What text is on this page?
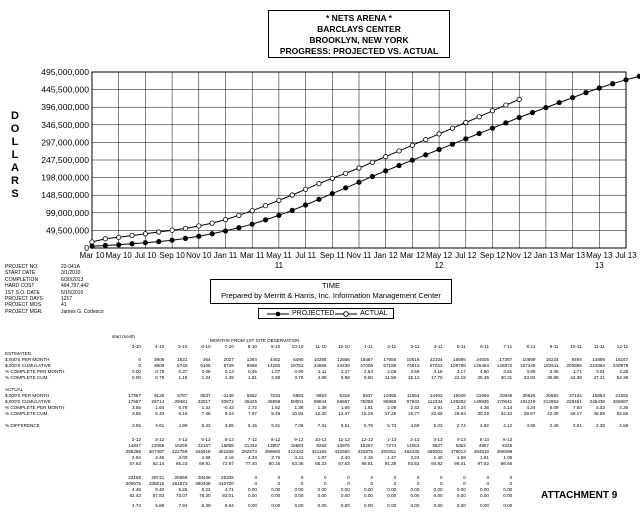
0
49,500,000
99,000,000
148,500,000
198,000,000
247,500,000
297,000,000
346,500,000
396,000,000
445,500,000
495,000,000
Mar 10 May 10 Jul 10 Sep 10 Nov 10 Jan 11 Mar 11 May 11
11
Jul 11 Sep 11 Nov 11 Jan 12 Mar 12 May 12
12
Jul 12 Sep 12 Nov 12 Jan 13 Mar 13 May 13
13
Jul 13
* NETS ARENA *
BARCLAYS CENTER
BROOKLYN, NEW YORK
PROGRESS: PROJECTED VS. ACTUAL
D
O
L
L
A
R
S
PROJECT NO.	23-041A
START DATE	3/1/2010
COMPLETION	6/30/2013
HARD COST	494,797,442
1ST S.O. DATE	5/15/2010
PROJECT DAYS	1217
PROJECT MOS.	41
PROJECT MGR.	James G. Codesco
TIME
Prepared by Merritt & Harris, Inc. Information Management Center
PROJECTED	ACTUAL
start month
MONTHS FROM 1ST SITE OBSERVATION
3-10	4-10	5-10	6-10	7-10	8-10	9-10	10-10	11-10	12-10	1-11	2-11	3-11	4-11	5-11	6-11	7-11	8-11	9-11	10-11	11-11	12-11
ESTIMATED
$,000'S PER MONTH	0	3908	1831	364	2027	1284	4452	5490	10285	12566	16487	17656	10516	22104	15695	24605	17357	10599	16224	8494	14896	16167
$,000'S CUMULATIVE	0	3908	5740	6105	8739	9958	14250	19753	24658	34438	47006	57189	74813	97022	109798	125454	146872	167349	182511	200898	222894	240978
% COMPLETE PER MONTH	0.00	0.79	0.37	0.06	0.13	0.45	1.07	0.90	1.11	2.27	2.54	2.09	3.56	4.16	3.17	4.90	3.51	3.89	3.06	1.71	3.01	3.28
% COMPLETE CUM.	0.00	0.79	1.16	1.24	1.39	1.81	2.88	3.78	4.89	6.98	9.50	11.56	15.12	17.76	22.19	25.35	30.31	33.82	36.88	42.38	47.21	52.36
ACTUAL
$,000'S PER MONTH	17587	9126	3787	6537	-2146	6552	7634	6882	6853	5318	8537	10368	11564	14402	16046	21656	20935	30626	20682	37134	15884	21552
$,000'S CUMULATIVE	17587	26714	29481	33017	30872	36425	45959	50001	59844	66667	75059	85866	97832	112234	128282	149935	170041	191219	212953	228451	245436	266687
% COMPLETE PER MONTH	3.55	1.84	0.76	1.32	-0.43	1.72	1.62	1.38	1.38	1.06	1.81	2.08	2.42	2.91	3.24	4.38	4.14	4.24	6.09	7.50	3.43	4.36
% COMPLETE CUM.	3.55	5.40	6.16	7.48	6.24	7.97	9.49	10.84	12.20	13.47	15.26	17.28	19.77	22.68	25.93	30.29	34.42	38.67	42.49	46.17	49.85	53.86
% DIFFERENCE	3.55	4.61	4.99	6.43	4.86	6.15	6.61	7.06	7.31	6.51	5.76	5.73	4.66	5.03	2.74	4.92	4.12	4.85	2.49	3.81	2.36	3.58
2-12	3-12	4-12	5-12	6-12	7-12	8-12	9-12	10-12	11-12	12-12	1-13	2-13	3-13	4-13	5-13	6-13
14847	22068	16259	22167	15858	21432	13807	15683	9252	10976	10297	7274	14053	5827	5352	4957	5245
288289	307467	322759	345918	361848	382573	399660	412433	421193	432560	442875	450351	462235	469202	479013	484818	489298
2.94	4.46	3.00	4.56	3.16	4.33	2.76	3.21	1.87	2.40	2.15	1.47	2.24	1.40	1.59	1.61	1.06
57.63	62.14	65.23	69.91	72.97	77.40	80.16	83.36	85.23	87.63	89.51	91.28	93.52	94.92	96.41	97.62	98.66
22168	28741	25858	28436	25335	0	0	0	0	0	0	0	0	0	0	0	0
308675	335615	361673	390408	410720	0	0	0	0	0	0	0	0	0	0	0	0
4.48	5.40	5.25	5.22	4.71	0.00	0.00	0.00	0.00	0.00	0.00	0.00	0.00	0.00	0.00	0.00	0.00
62.42	67.83	73.07	78.30	83.01	0.00	0.00	0.00	0.00	0.00	0.00	0.00	0.00	0.00	0.00	0.00	0.00
4.74	5.69	7.84	8.39	9.94	0.00	0.00	0.00	0.00	0.00	0.00	0.00	0.00	0.00	0.00	0.00	0.00
ATTACHMENT 9
